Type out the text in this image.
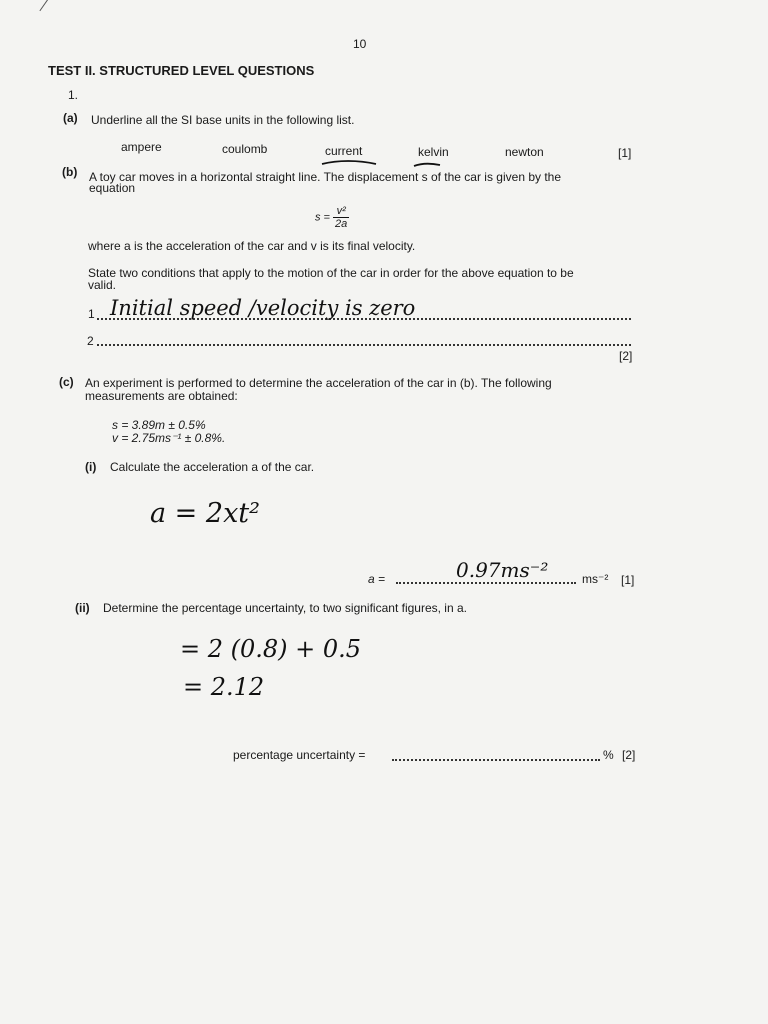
10
TEST II. STRUCTURED LEVEL QUESTIONS
1.
(a) Underline all the SI base units in the following list.
ampere	coulomb	current	kelvin	newton	[1]
(b) A toy car moves in a horizontal straight line. The displacement s of the car is given by the
equation
$s = \frac{\text{v²}}{2a}$
where a is the acceleration of the car and v is its final velocity.
State two conditions that apply to the motion of the car in order for the above equation to be
valid.
1 Initial speed /velocity is zero
2
[2]
(c) An experiment is performed to determine the acceleration of the car in (b). The following
measurements are obtained:
s = 3.89m ± 0.5%
v = 2.75ms⁻¹ ± 0.8%.
(i) Calculate the acceleration a of the car.
a = 2xt²
a =	0.97ms⁻²	ms⁻² [1]
(ii) Determine the percentage uncertainty, to two significant figures, in a.
= 2 (0.8) + 0.5
= 2.12
percentage uncertainty =	% [2]
